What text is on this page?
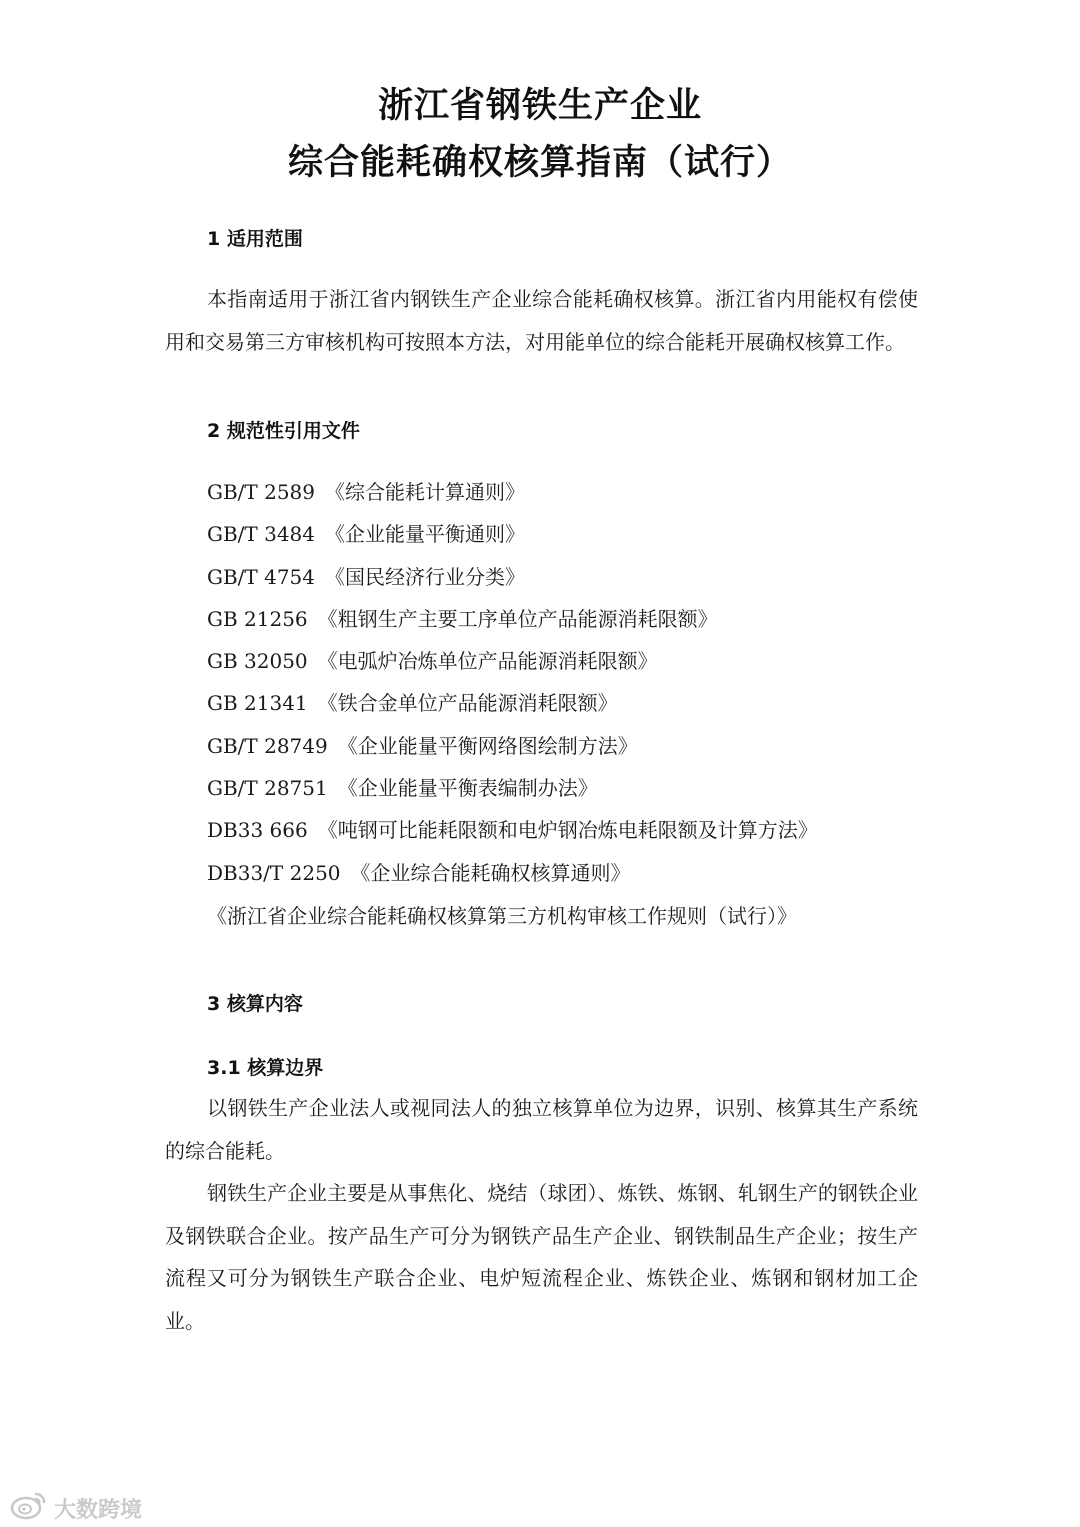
浙江省钢铁生产企业
综合能耗确权核算指南（试行）
1 适用范围

本指南适用于浙江省内钢铁生产企业综合能耗确权核算。浙江省内用能权有偿使用和交易第三方审核机构可按照本方法，对用能单位的综合能耗开展确权核算工作。

2 规范性引用文件
GB/T 2589 《综合能耗计算通则》
GB/T 3484 《企业能量平衡通则》
GB/T 4754 《国民经济行业分类》
GB 21256 《粗钢生产主要工序单位产品能源消耗限额》
GB 32050 《电弧炉冶炼单位产品能源消耗限额》
GB 21341 《铁合金单位产品能源消耗限额》
GB/T 28749 《企业能量平衡网络图绘制方法》
GB/T 28751 《企业能量平衡表编制办法》
DB33 666 《吨钢可比能耗限额和电炉钢冶炼电耗限额及计算方法》
DB33/T 2250 《企业综合能耗确权核算通则》
《浙江省企业综合能耗确权核算第三方机构审核工作规则（试行）》
3 核算内容
3.1 核算边界

以钢铁生产企业法人或视同法人的独立核算单位为边界，识别、核算其生产系统的综合能耗。

钢铁生产企业主要是从事焦化、烧结（球团）、炼铁、炼钢、轧钢生产的钢铁企业及钢铁联合企业。按产品生产可分为钢铁产品生产企业、钢铁制品生产企业；按生产流程又可分为钢铁生产联合企业、电炉短流程企业、炼铁企业、炼钢和钢材加工企业。

大数跨境
